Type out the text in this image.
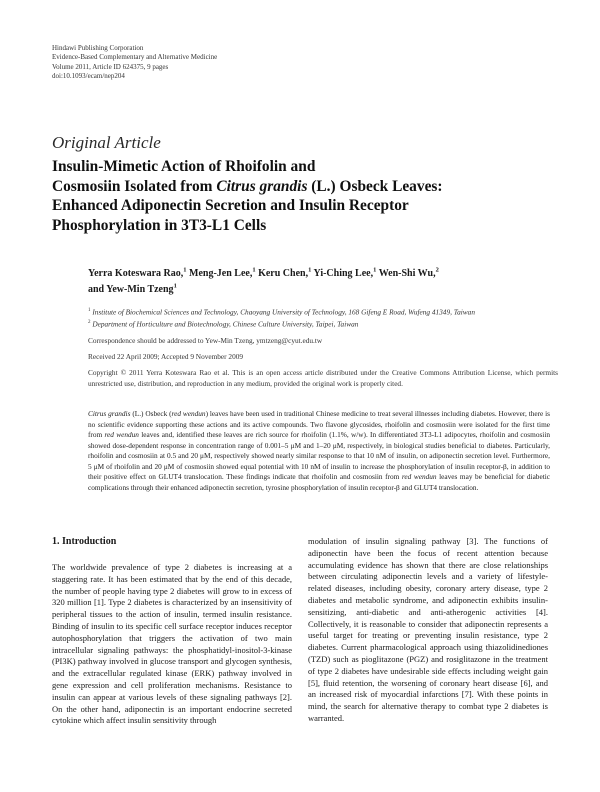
Hindawi Publishing Corporation
Evidence-Based Complementary and Alternative Medicine
Volume 2011, Article ID 624375, 9 pages
doi:10.1093/ecam/nep204
Original Article
Insulin-Mimetic Action of Rhoifolin and
Cosmosiin Isolated from Citrus grandis (L.) Osbeck Leaves:
Enhanced Adiponectin Secretion and Insulin Receptor
Phosphorylation in 3T3-L1 Cells
Yerra Koteswara Rao,$^1$ Meng-Jen Lee,$^1$ Keru Chen,$^1$ Yi-Ching Lee,$^1$ Wen-Shi Wu,$^2$
and Yew-Min Tzeng$^1$
$^1$ Institute of Biochemical Sciences and Technology, Chaoyang University of Technology, 168 Gifeng E Road, Wufeng 41349, Taiwan
$^2$ Department of Horticulture and Biotechnology, Chinese Culture University, Taipei, Taiwan
Correspondence should be addressed to Yew-Min Tzeng, ymtzeng@cyut.edu.tw
Received 22 April 2009; Accepted 9 November 2009
Copyright © 2011 Yerra Koteswara Rao et al. This is an open access article distributed under the Creative Commons Attribution License, which permits unrestricted use, distribution, and reproduction in any medium, provided the original work is properly cited.
Citrus grandis (L.) Osbeck (red wendun) leaves have been used in traditional Chinese medicine to treat several illnesses including diabetes. However, there is no scientific evidence supporting these actions and its active compounds. Two flavone glycosides, rhoifolin and cosmosiin were isolated for the first time from red wendun leaves and, identified these leaves are rich source for rhoifolin (1.1%, w/w). In differentiated 3T3-L1 adipocytes, rhoifolin and cosmosiin showed dose-dependent response in concentration range of 0.001–5 μM and 1–20 μM, respectively, in biological studies beneficial to diabetes. Particularly, rhoifolin and cosmosiin at 0.5 and 20 μM, respectively showed nearly similar response to that 10 nM of insulin, on adiponectin secretion level. Furthermore, 5 μM of rhoifolin and 20 μM of cosmosiin showed equal potential with 10 nM of insulin to increase the phosphorylation of insulin receptor-β, in addition to their positive effect on GLUT4 translocation. These findings indicate that rhoifolin and cosmosiin from red wendun leaves may be beneficial for diabetic complications through their enhanced adiponectin secretion, tyrosine phosphorylation of insulin receptor-β and GLUT4 translocation.
1. Introduction

The worldwide prevalence of type 2 diabetes is increasing at a staggering rate. It has been estimated that by the end of this decade, the number of people having type 2 diabetes will grow to in excess of 320 million [1]. Type 2 diabetes is characterized by an insensitivity of peripheral tissues to the action of insulin, termed insulin resistance. Binding of insulin to its specific cell surface receptor induces receptor autophosphorylation that triggers the activation of two main intracellular signaling pathways: the phosphatidyl-inositol-3-kinase (PI3K) pathway involved in glucose transport and glycogen synthesis, and the extracellular regulated kinase (ERK) pathway involved in gene expression and cell proliferation mechanisms. Resistance to insulin can appear at various levels of these signaling pathways [2]. On the other hand, adiponectin is an important endocrine secreted cytokine which affect insulin sensitivity through

modulation of insulin signaling pathway [3]. The functions of adiponectin have been the focus of recent attention because accumulating evidence has shown that there are close relationships between circulating adiponectin levels and a variety of lifestyle-related diseases, including obesity, coronary artery disease, type 2 diabetes and metabolic syndrome, and adiponectin exhibits insulin-sensitizing, anti-diabetic and anti-atherogenic activities [4]. Collectively, it is reasonable to consider that adiponectin represents a useful target for treating or preventing insulin resistance, type 2 diabetes. Current pharmacological approach using thiazolidinediones (TZD) such as pioglitazone (PGZ) and rosiglitazone in the treatment of type 2 diabetes have undesirable side effects including weight gain [5], fluid retention, the worsening of coronary heart disease [6], and an increased risk of myocardial infarctions [7]. With these points in mind, the search for alternative therapy to combat type 2 diabetes is warranted.
